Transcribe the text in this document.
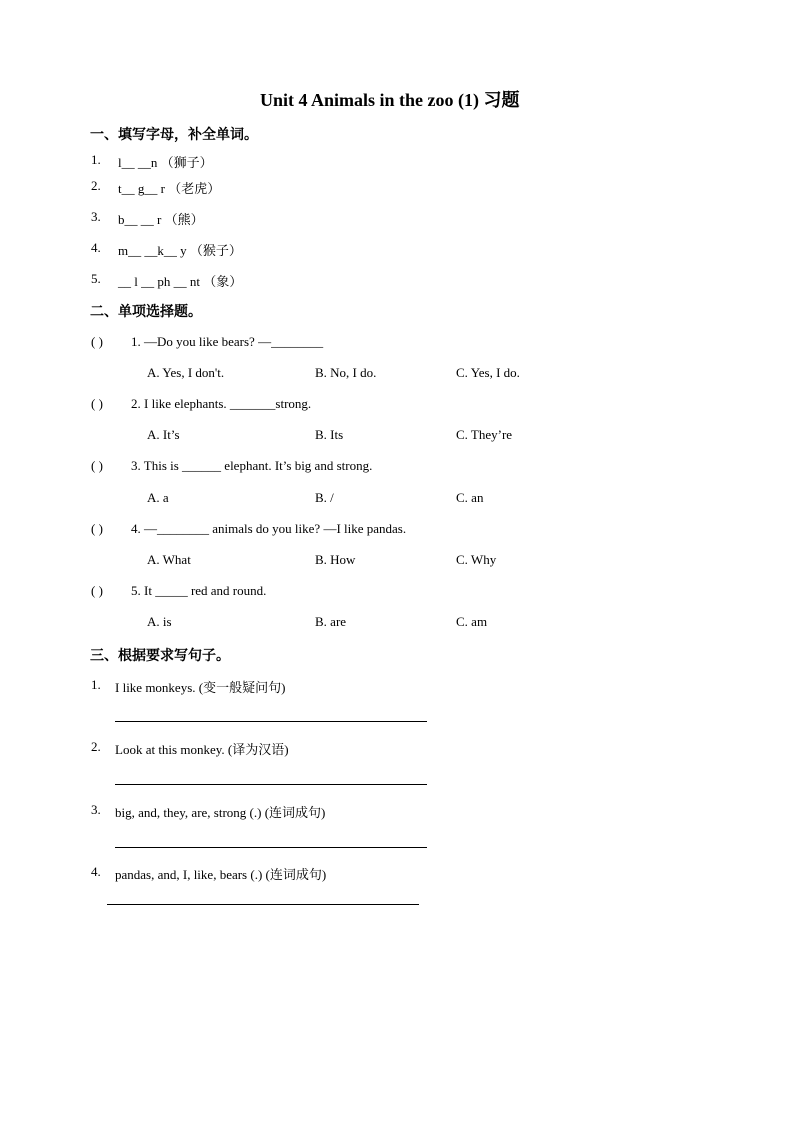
Unit 4 Animals in the zoo (1) 习题
一、填写字母，补全单词。
1. l__ __n （狮子）
2. t__ g__ r （老虎）
3. b__ __ r （熊）
4. m__ __k__ y （猴子）
5. __ l __ ph __ nt （象）
二、单项选择题。
( ) 1. —Do you like bears? —________
A. Yes, I don't.	B. No, I do.	C. Yes, I do.
( ) 2. I like elephants. _______strong.
A. It’s	B. Its	C. They’re
( ) 3. This is ______ elephant. It’s big and strong.
A. a	B. /	C. an
( ) 4. —________ animals do you like? —I like pandas.
A. What	B. How	C. Why
( ) 5. It _____ red and round.
A. is	B. are	C. am
三、根据要求写句子。
1. I like monkeys. (变一般疑问句)
2. Look at this monkey. (译为汉语)
3. big, and, they, are, strong (.) (连词成句)
4. pandas, and, I, like, bears (.) (连词成句)
